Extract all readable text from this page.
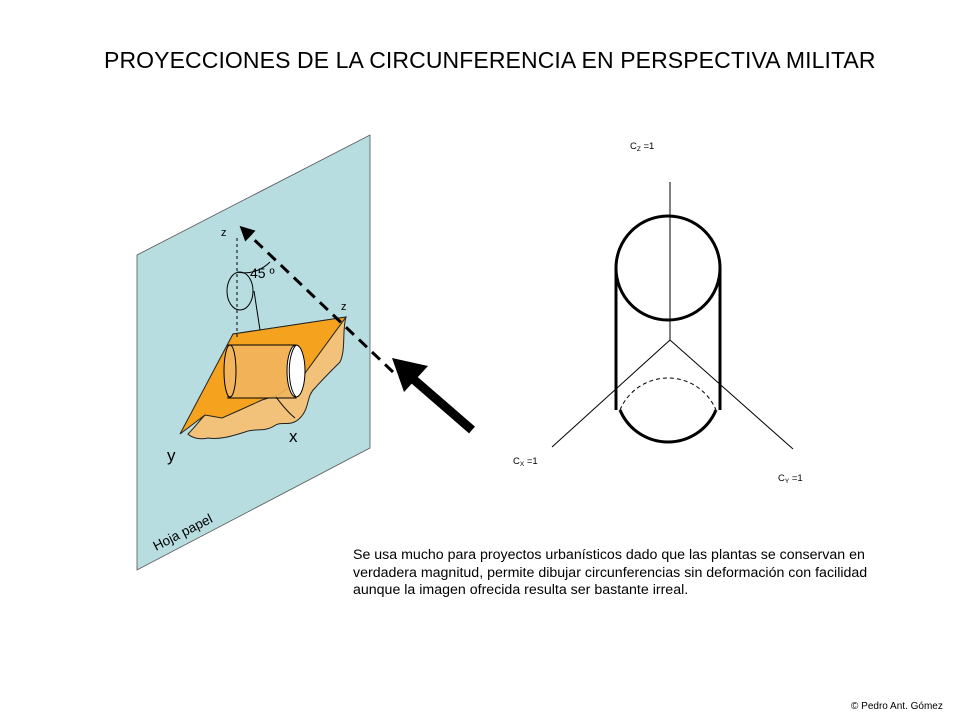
PROYECCIONES DE LA CIRCUNFERENCIA EN PERSPECTIVA MILITAR
z
z
45 º
x
y
Hoja papel
$C_Z =1$
$C_X =1$
$C_Y =1$
Se usa mucho para proyectos urbanísticos dado que las plantas se conservan en verdadera magnitud, permite dibujar circunferencias sin deformación con facilidad aunque la imagen ofrecida resulta ser bastante irreal.
© Pedro Ant. Gómez
